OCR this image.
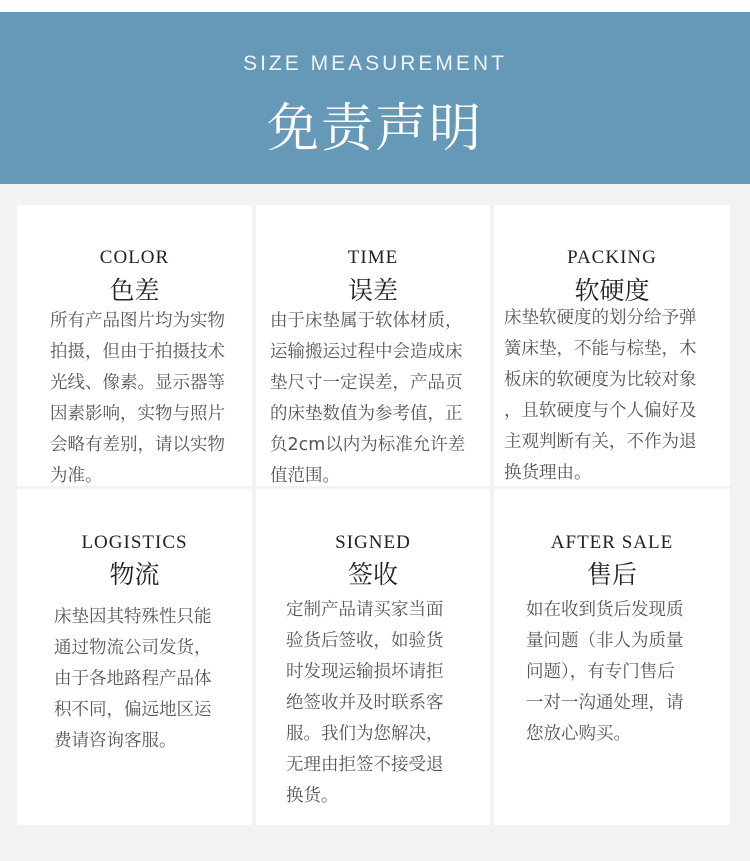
SIZE MEASUREMENT
免责声明
COLOR
色差
所有产品图片均为实物
拍摄，但由于拍摄技术
光线、像素。显示器等
因素影响，实物与照片
会略有差别，请以实物
为准。
TIME
误差
由于床垫属于软体材质，
运输搬运过程中会造成床
垫尺寸一定误差，产品页
的床垫数值为参考值，正
负2cm以内为标准允许差
值范围。
PACKING
软硬度
床垫软硬度的划分给予弹
簧床垫，不能与棕垫，木
板床的软硬度为比较对象
，且软硬度与个人偏好及
主观判断有关，不作为退
换货理由。
LOGISTICS
物流
床垫因其特殊性只能
通过物流公司发货，
由于各地路程产品体
积不同，偏远地区运
费请咨询客服。
SIGNED
签收
定制产品请买家当面
验货后签收，如验货
时发现运输损坏请拒
绝签收并及时联系客
服。我们为您解决，
无理由拒签不接受退
换货。
AFTER SALE
售后
如在收到货后发现质
量问题（非人为质量
问题），有专门售后
一对一沟通处理，请
您放心购买。
